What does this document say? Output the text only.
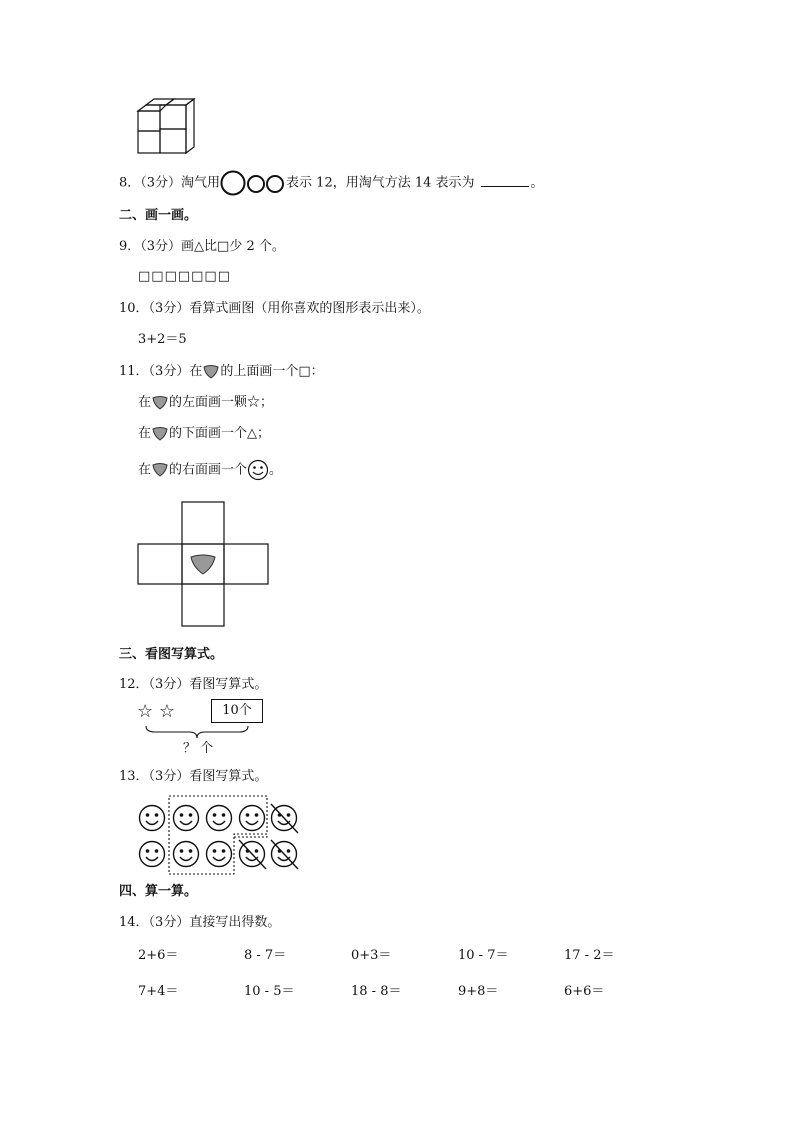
8．（3分）淘气用	表示 12，用淘气方法 14 表示为	。
二、画一画。
9．（3分）画△比□少 2 个。
□□□□□□□
10．（3分）看算式画图（用你喜欢的图形表示出来）。
3+2＝5
11．（3分）在 的上面画一个□：
在 的左面画一颗☆；
在 的下面画一个△；
在 的右面画一个 。
三、看图写算式。
12．（3分）看图写算式。
☆ ☆	10个
？ 个
13．（3分）看图写算式。
四、算一算。
14．（3分）直接写出得数。
2+6＝	8 - 7＝	0+3＝	10 - 7＝	17 - 2＝
7+4＝	10 - 5＝	18 - 8＝	9+8＝	6+6＝
